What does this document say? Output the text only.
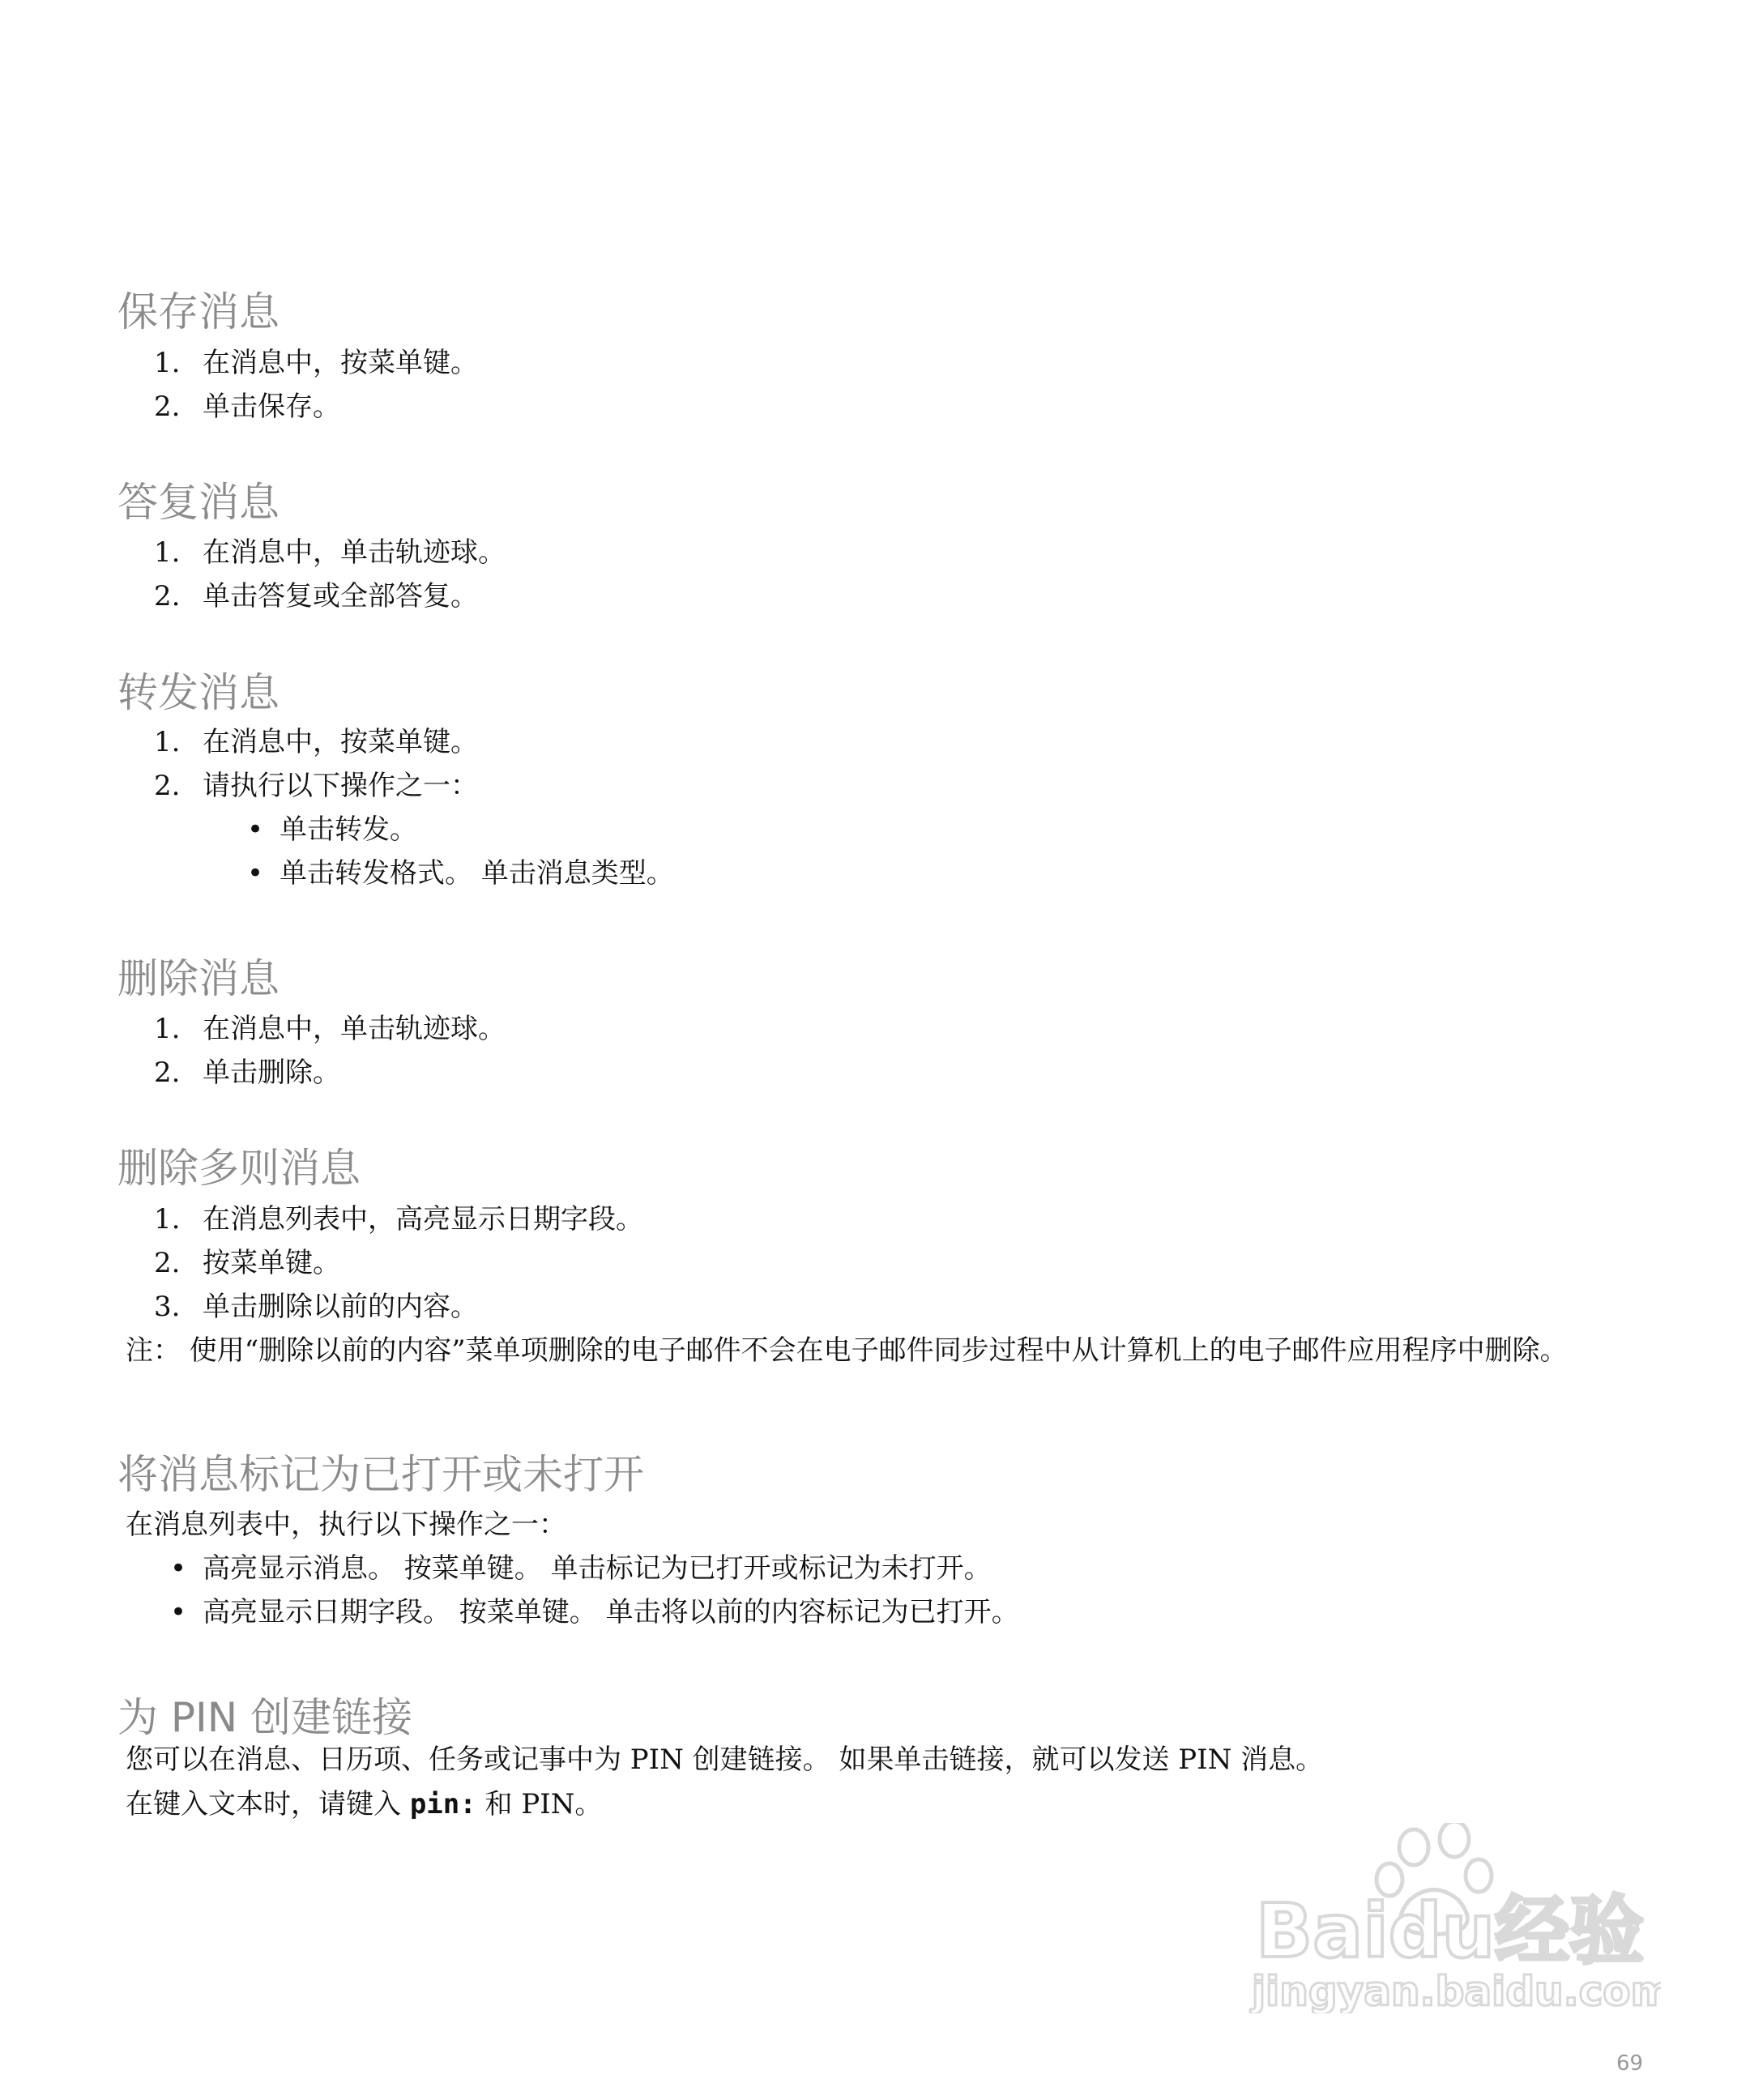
保存消息
1. 在消息中，按菜单键。
2. 单击保存。
答复消息
1. 在消息中，单击轨迹球。
2. 单击答复或全部答复。
转发消息
1. 在消息中，按菜单键。
2. 请执行以下操作之一：
• 单击转发。
• 单击转发格式。 单击消息类型。
删除消息
1. 在消息中，单击轨迹球。
2. 单击删除。
删除多则消息
1. 在消息列表中，高亮显示日期字段。
2. 按菜单键。
3. 单击删除以前的内容。
注： 使用“删除以前的内容”菜单项删除的电子邮件不会在电子邮件同步过程中从计算机上的电子邮件应用程序中删除。
将消息标记为已打开或未打开
在消息列表中，执行以下操作之一：
• 高亮显示消息。 按菜单键。 单击标记为已打开或标记为未打开。
• 高亮显示日期字段。 按菜单键。 单击将以前的内容标记为已打开。
为 PIN 创建链接
您可以在消息、日历项、任务或记事中为 PIN 创建链接。 如果单击链接，就可以发送 PIN 消息。
在键入文本时，请键入 pin: 和 PIN。
Baidu经验
jingyan.baidu.com
69
